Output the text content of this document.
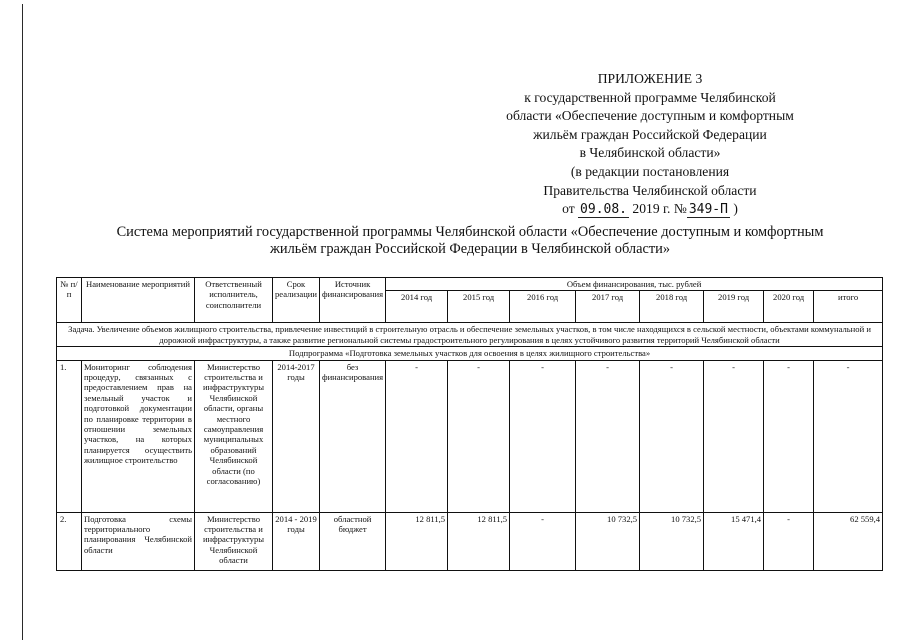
ПРИЛОЖЕНИЕ 3
к государственной программе Челябинской
области «Обеспечение доступным и комфортным
жильём граждан Российской Федерации
в Челябинской области»
(в редакции постановления
Правительства Челябинской области
от 09.08. 2019 г. № 349-П )
Система мероприятий государственной программы Челябинской области «Обеспечение доступным и комфортным
жильём граждан Российской Федерации в Челябинской области»
№ п/п	Наименование мероприятий	Ответственный исполнитель, соисполнители	Срок реализации	Источник финансирования	Объем финансирования, тыс. рублей							
					2014 год	2015 год	2016 год	2017 год	2018 год	2019 год	2020 год	итого
Задача. Увеличение объемов жилищного строительства, привлечение инвестиций в строительную отрасль и обеспечение земельных участков, в том числе находящихся в сельской местности, объектами коммунальной и дорожной инфраструктуры, а также развитие региональной системы градостроительного регулирования в целях устойчивого развития территорий Челябинской области												
Подпрограмма «Подготовка земельных участков для освоения в целях жилищного строительства»												
1.	Мониторинг соблюдения процедур, связанных с предоставлением прав на земельный участок и подготовкой документации по планировке территории в отношении земельных участков, на которых планируется осуществить жилищное строительство	Министерство строительства и инфраструктуры Челябинской области, органы местного самоуправления муниципальных образований Челябинской области (по согласованию)	2014-2017 годы	без финансирования	-	-	-	-	-	-	-	-
2.	Подготовка схемы территориального планирования Челябинской области	Министерство строительства и инфраструктуры Челябинской области	2014 - 2019 годы	областной бюджет	12 811,5	12 811,5	-	10 732,5	10 732,5	15 471,4	-	62 559,4
